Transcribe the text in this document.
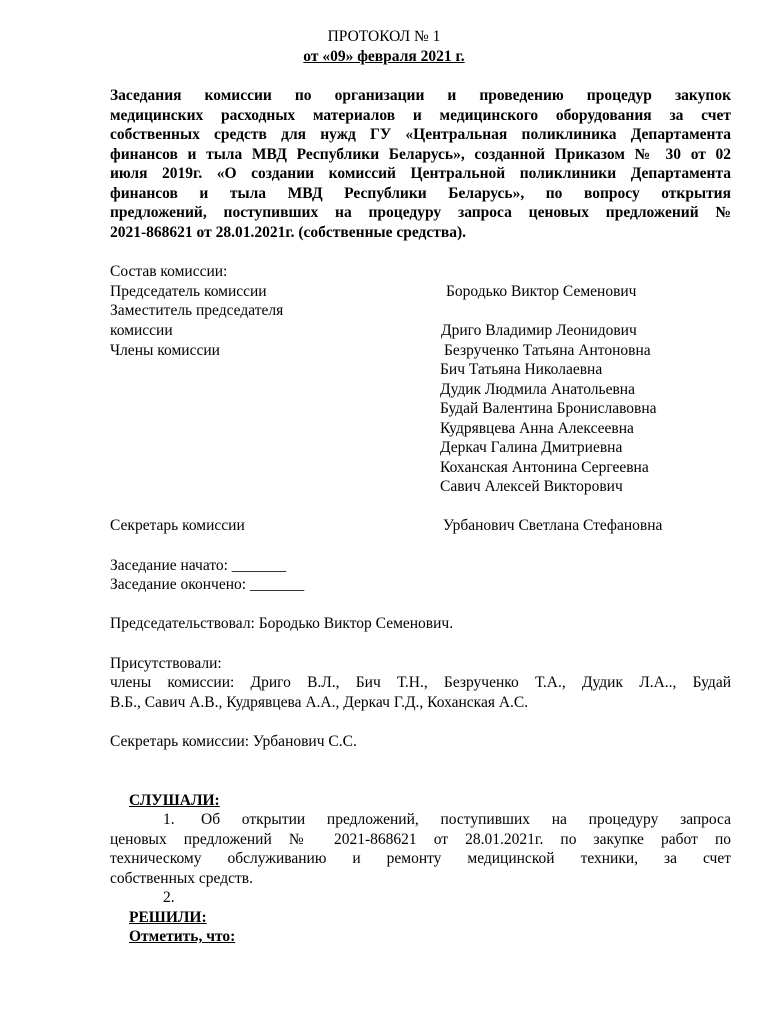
ПРОТОКОЛ № 1
от «09» февраля 2021 г.
Заседания комиссии по организации и проведению процедур закупок
медицинских расходных материалов и медицинского оборудования за счет
собственных средств для нужд ГУ «Центральная поликлиника Департамента
финансов и тыла МВД Республики Беларусь», созданной Приказом № 30 от 02
июля 2019г. «О создании комиссий Центральной поликлиники Департамента
финансов и тыла МВД Республики Беларусь», по вопросу открытия
предложений, поступивших на процедуру запроса ценовых предложений №
2021-868621 от 28.01.2021г. (собственные средства).
Состав комиссии:
Председатель комиссии	Бородько Виктор Семенович
Заместитель председателя
комиссии	Дриго Владимир Леонидович
Члены комиссии	Безрученко Татьяна Антоновна
Бич Татьяна Николаевна
Дудик Людмила Анатольевна
Будай Валентина Брониславовна
Кудрявцева Анна Алексеевна
Деркач Галина Дмитриевна
Коханская Антонина Сергеевна
Савич Алексей Викторович
Секретарь комиссии	Урбанович Светлана Стефановна
Заседание начато: _______
Заседание окончено: _______
Председательствовал: Бородько Виктор Семенович.
Присутствовали:
члены комиссии: Дриго В.Л., Бич Т.Н., Безрученко Т.А., Дудик Л.А.., Будай
В.Б., Савич А.В., Кудрявцева А.А., Деркач Г.Д., Коханская А.С.
Секретарь комиссии: Урбанович С.С.
СЛУШАЛИ:
1. Об открытии предложений, поступивших на процедуру запроса
ценовых предложений № 2021-868621 от 28.01.2021г. по закупке работ по
техническому обслуживанию и ремонту медицинской техники, за счет
собственных средств.
2.
РЕШИЛИ:
Отметить, что:
